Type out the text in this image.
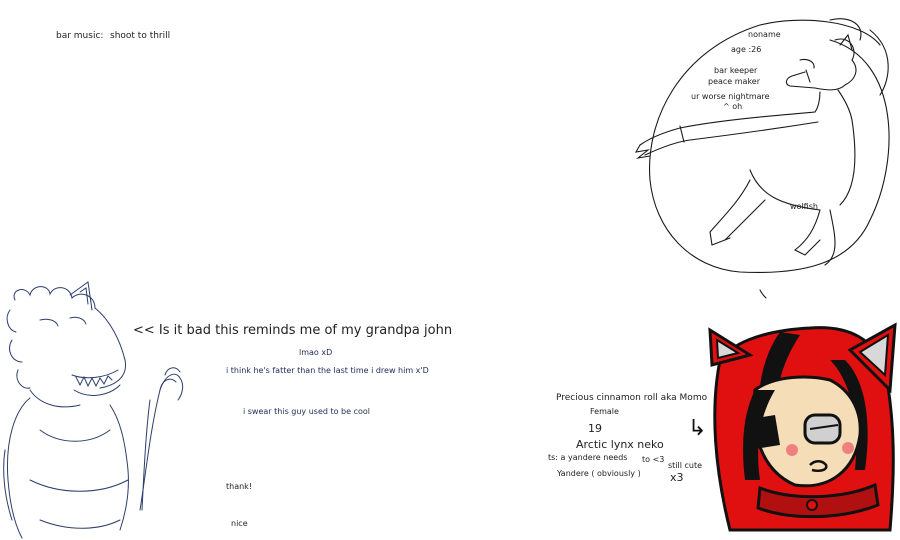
bar music: shoot to thrill	noname
age :26
bar keeper
peace maker
ur worse nightmare
^ oh
wolfish
<< Is it bad this reminds me of my grandpa john
lmao xD
i think he's fatter than the last time i drew him x'D
i swear this guy used to be cool
thank!
nice
Precious cinnamon roll aka Momo
Female
19
Arctic lynx neko
ts: a yandere needs to <3
still cute
Yandere ( obviously )	x3
↳
